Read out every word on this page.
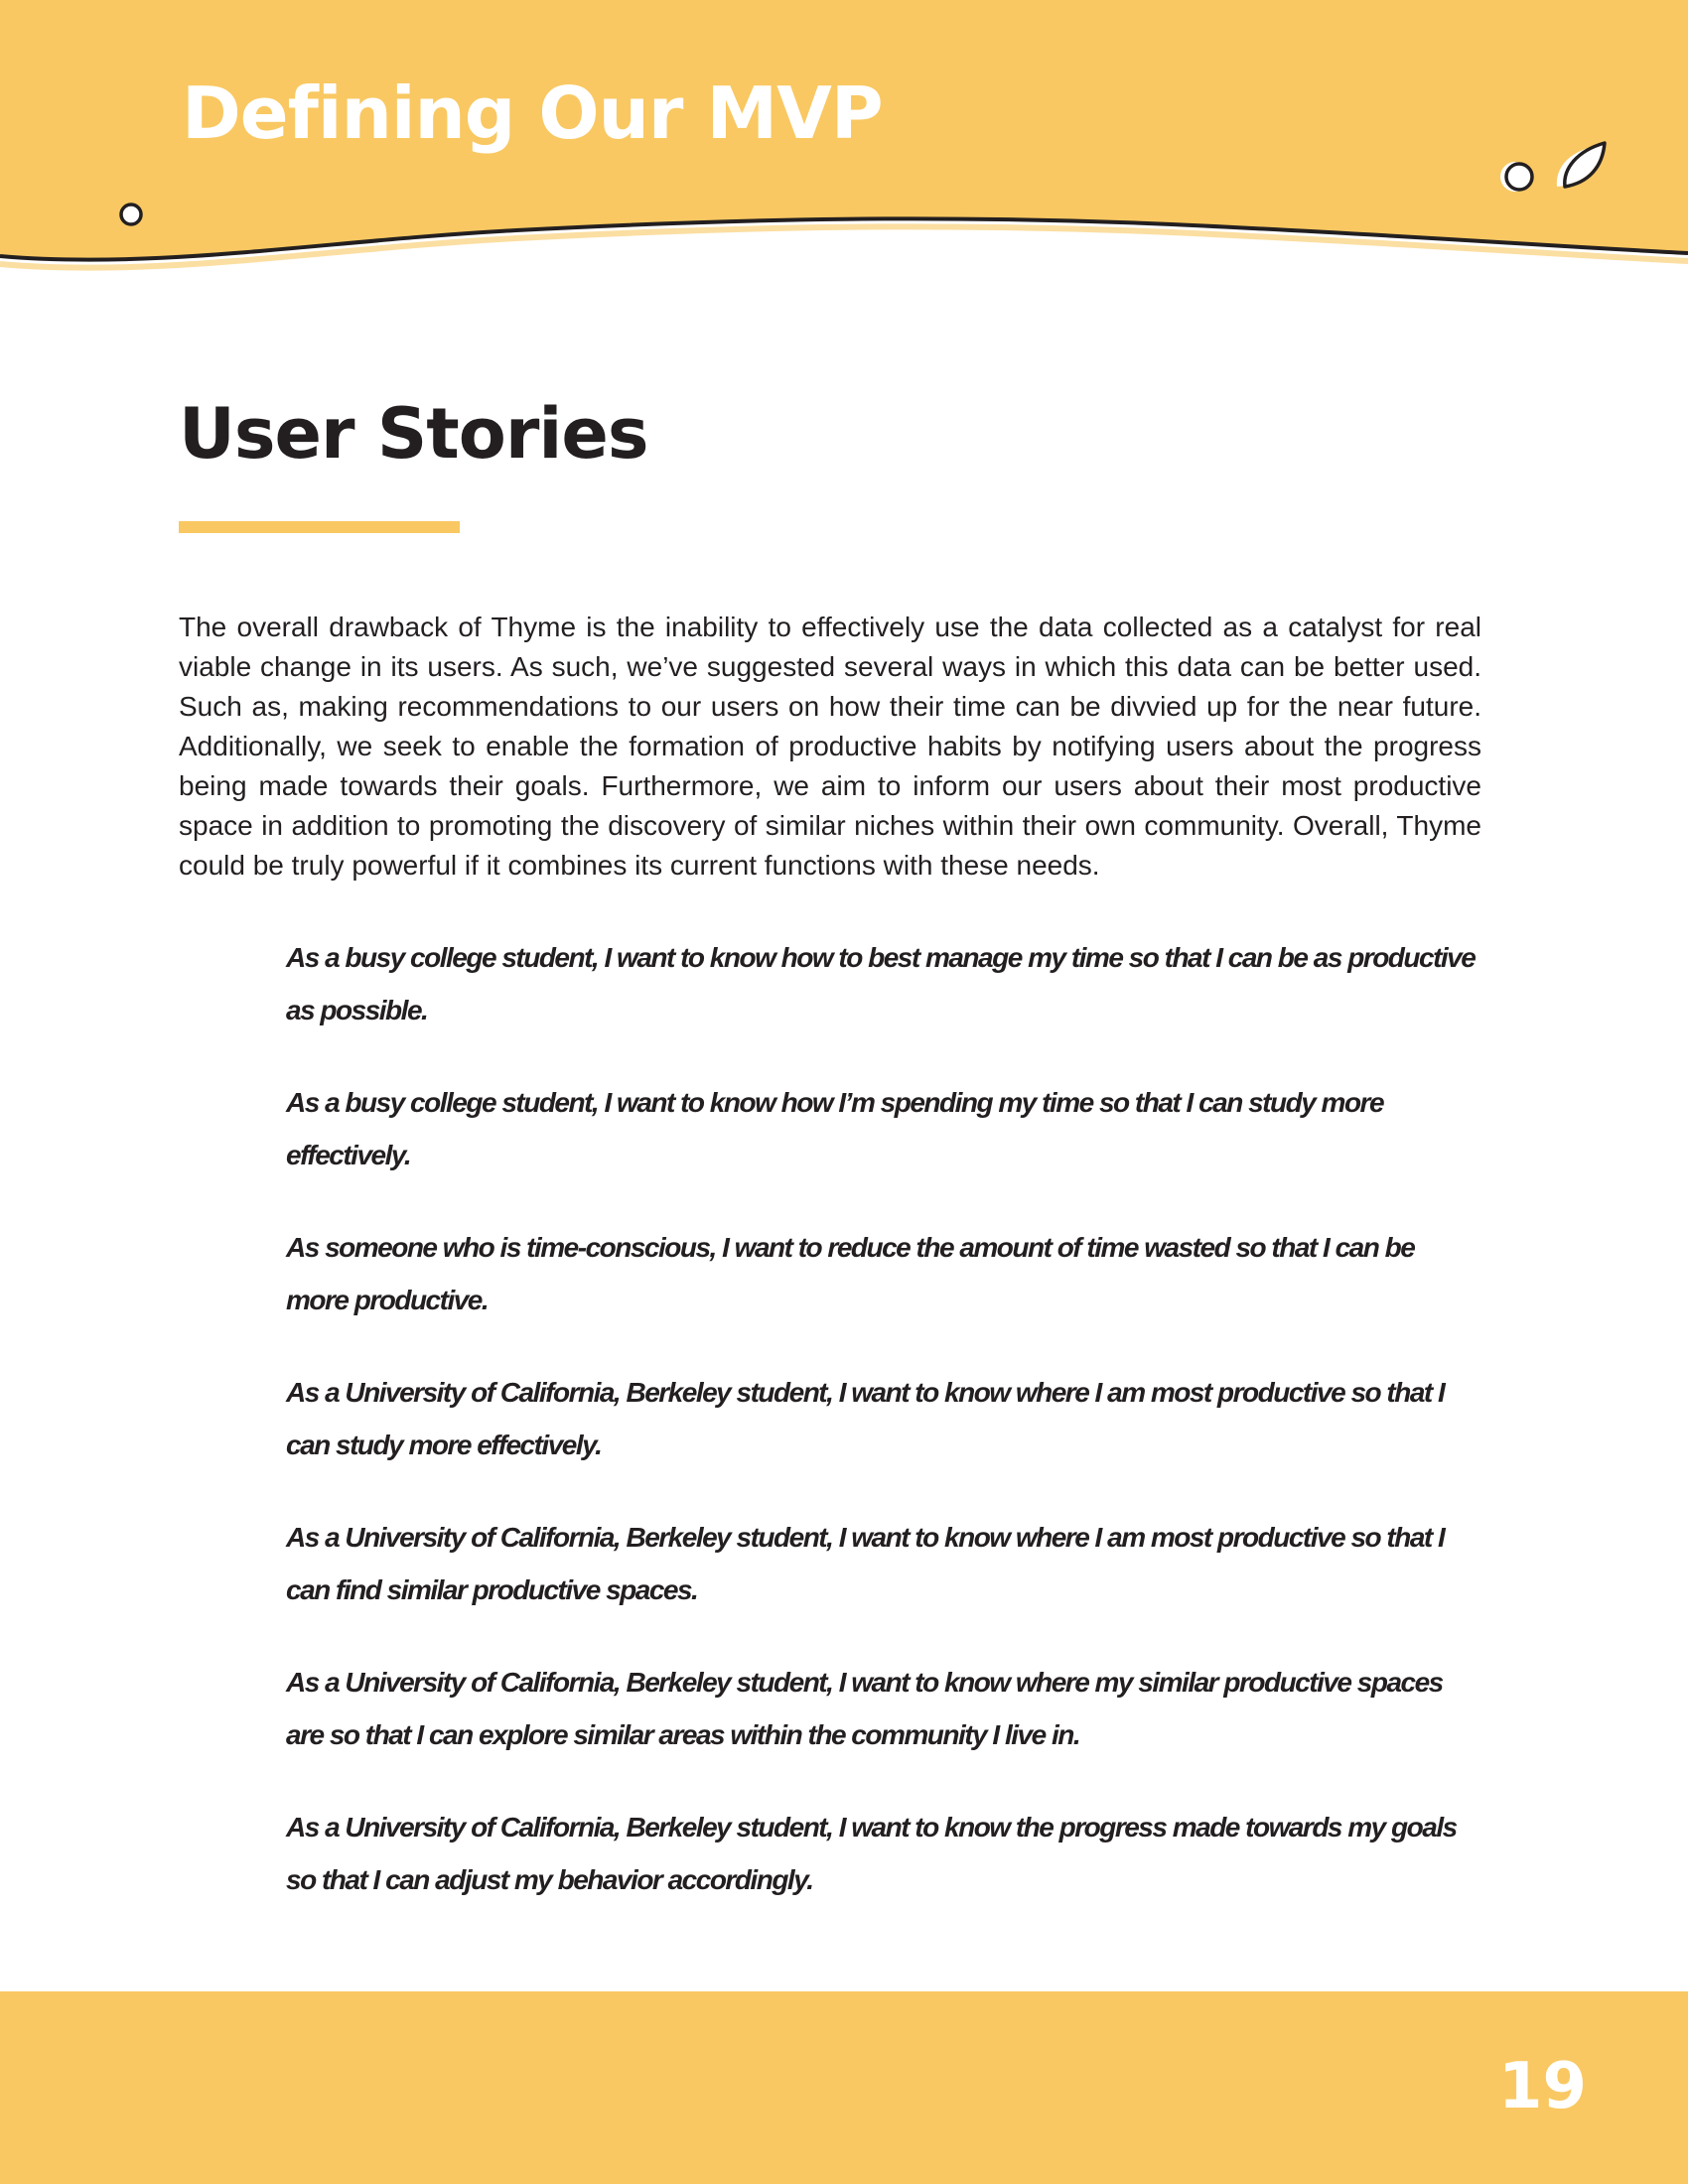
Defining Our MVP
User Stories

The overall drawback of Thyme is the inability to effectively use the data collected as a catalyst for real viable change in its users. As such, we’ve suggested several ways in which this data can be better used. Such as, making recommendations to our users on how their time can be divvied up for the near future. Additionally, we seek to enable the formation of productive habits by notifying users about the progress being made towards their goals. Furthermore, we aim to inform our users about their most productive space in addition to promoting the discovery of similar niches within their own community. Overall, Thyme could be truly powerful if it combines its current functions with these needs.

As a busy college student, I want to know how to best manage my time so that I can be as productive as possible.
As a busy college student, I want to know how I’m spending my time so that I can study more effectively.
As someone who is time-conscious, I want to reduce the amount of time wasted so that I can be more productive.
As a University of California, Berkeley student, I want to know where I am most productive so that I can study more effectively.
As a University of California, Berkeley student, I want to know where I am most productive so that I can find similar productive spaces.
As a University of California, Berkeley student, I want to know where my similar productive spaces are so that I can explore similar areas within the community I live in.
As a University of California, Berkeley student, I want to know the progress made towards my goals so that I can adjust my behavior accordingly.
19
